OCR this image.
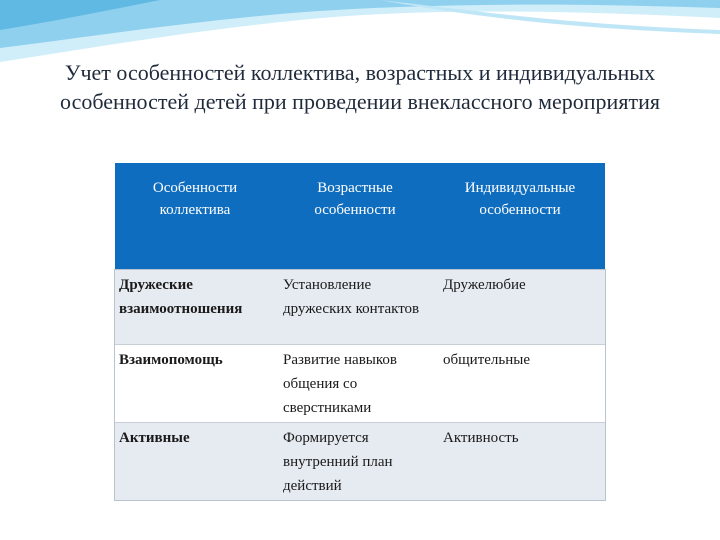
Учет особенностей коллектива, возрастных и индивидуальных особенностей детей при проведении внеклассного мероприятия
Особенности коллектива	Возрастные особенности	Индивидуальные особенности
Дружеские взаимоотношения	Установление дружеских контактов	Дружелюбие
Взаимопомощь	Развитие навыков общения со сверстниками	общительные
Активные	Формируется внутренний план действий	Активность
